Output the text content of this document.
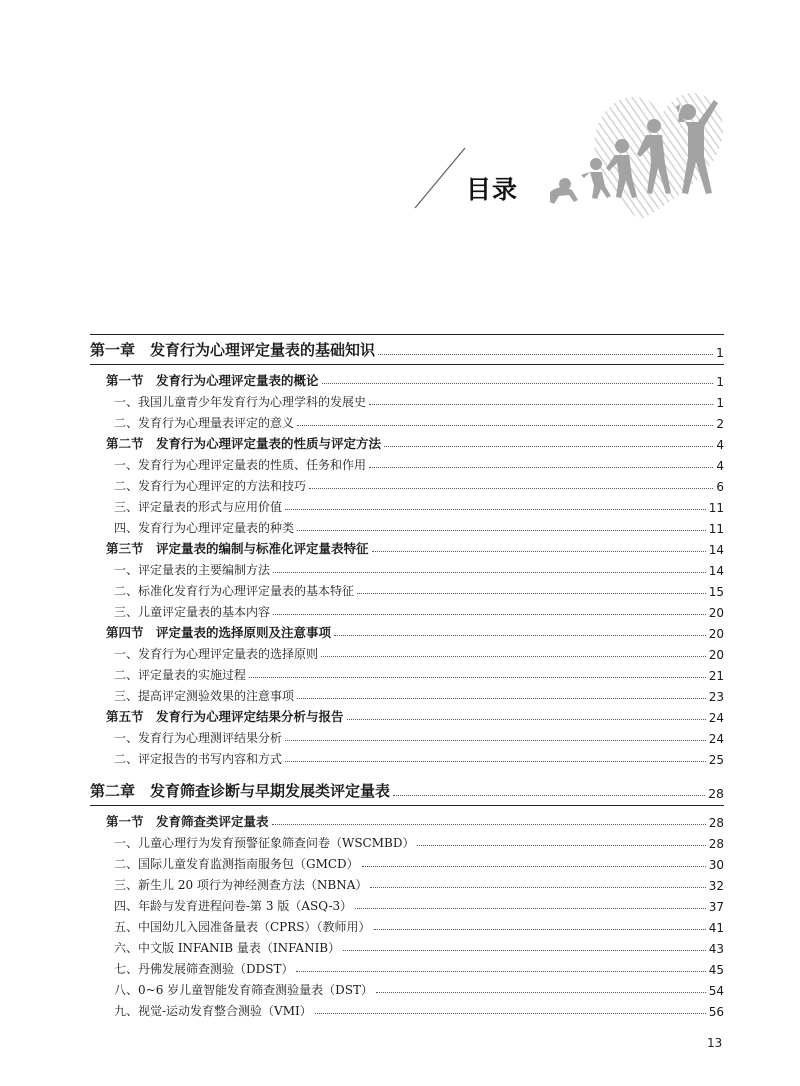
目录
第一章　发育行为心理评定量表的基础知识	1
第一节　发育行为心理评定量表的概论	1
一、我国儿童青少年发育行为心理学科的发展史	1
二、发育行为心理量表评定的意义	2
第二节　发育行为心理评定量表的性质与评定方法	4
一、发育行为心理评定量表的性质、任务和作用	4
二、发育行为心理评定的方法和技巧	6
三、评定量表的形式与应用价值	11
四、发育行为心理评定量表的种类	11
第三节　评定量表的编制与标准化评定量表特征	14
一、评定量表的主要编制方法	14
二、标准化发育行为心理评定量表的基本特征	15
三、儿童评定量表的基本内容	20
第四节　评定量表的选择原则及注意事项	20
一、发育行为心理评定量表的选择原则	20
二、评定量表的实施过程	21
三、提高评定测验效果的注意事项	23
第五节　发育行为心理评定结果分析与报告	24
一、发育行为心理测评结果分析	24
二、评定报告的书写内容和方式	25
第二章　发育筛查诊断与早期发展类评定量表	28
第一节　发育筛查类评定量表	28
一、儿童心理行为发育预警征象筛查问卷（WSCMBD）	28
二、国际儿童发育监测指南服务包（GMCD）	30
三、新生儿 20 项行为神经测查方法（NBNA）	32
四、年龄与发育进程问卷-第 3 版（ASQ-3）	37
五、中国幼儿入园准备量表（CPRS）（教师用）	41
六、中文版 INFANIB 量表（INFANIB）	43
七、丹佛发展筛查测验（DDST）	45
八、0~6 岁儿童智能发育筛查测验量表（DST）	54
九、视觉-运动发育整合测验（VMI）	56
13
